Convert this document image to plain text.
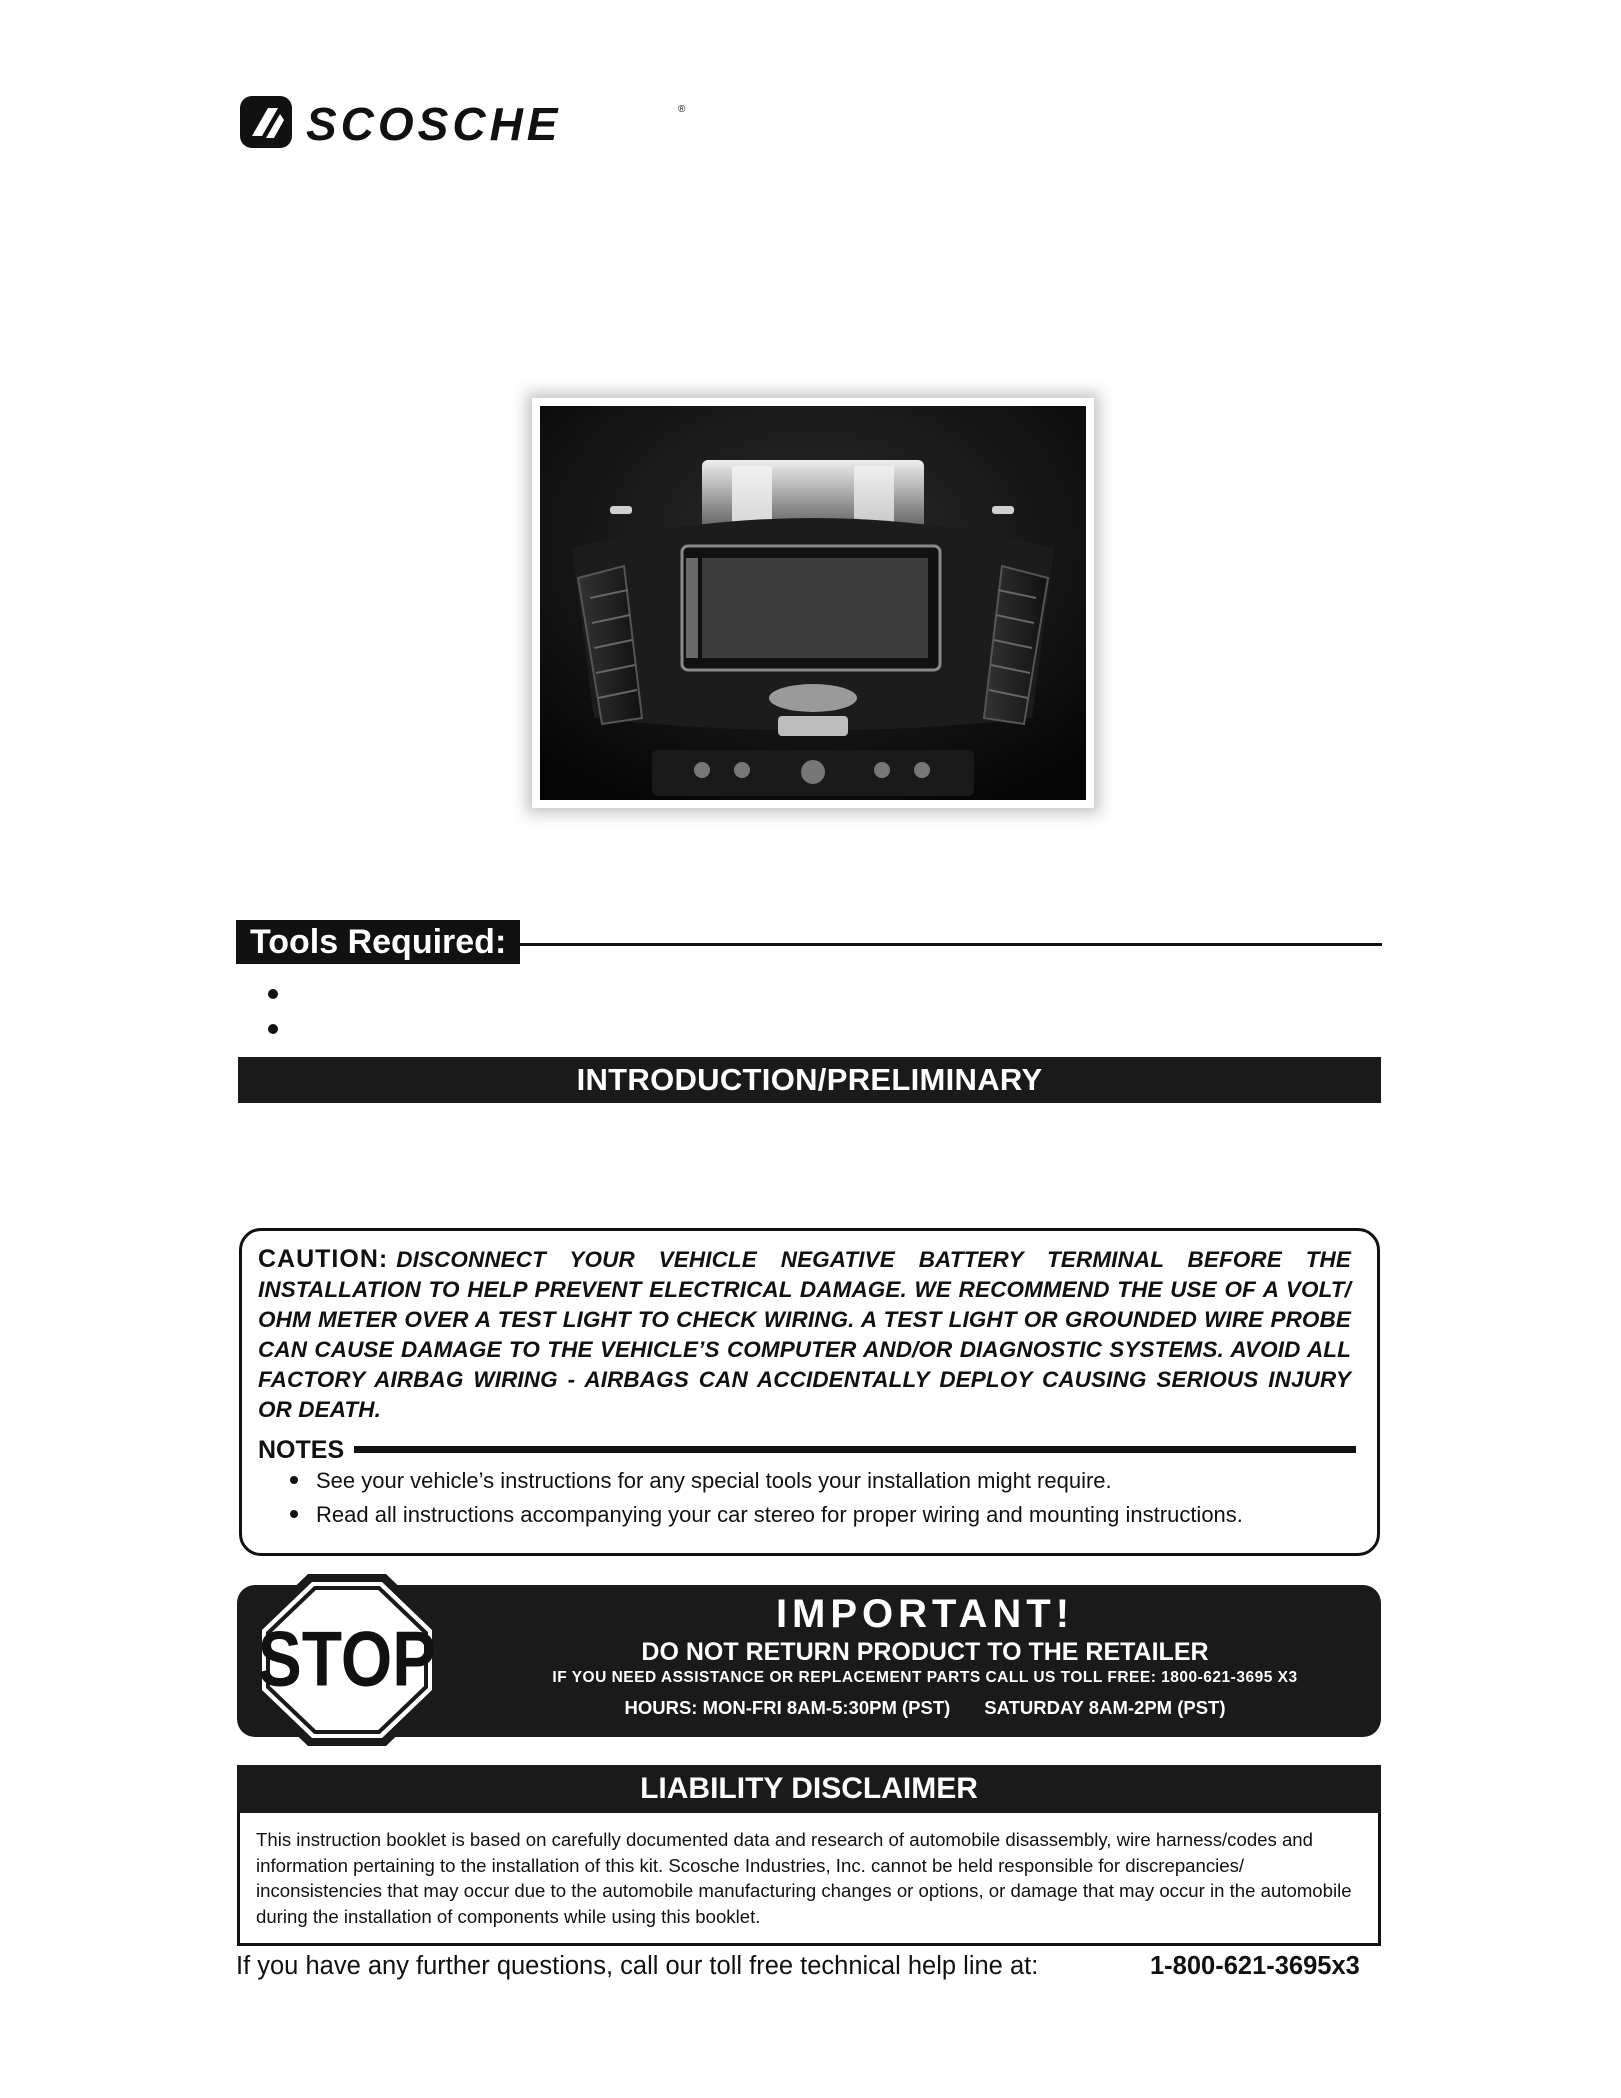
SCOSCHE	®
Tools Required:
INTRODUCTION/PRELIMINARY
CAUTION: DISCONNECT YOUR VEHICLE NEGATIVE BATTERY TERMINAL BEFORE THE INSTALLATION TO HELP PREVENT ELECTRICAL DAMAGE. WE RECOMMEND THE USE OF A VOLT/ OHM METER OVER A TEST LIGHT TO CHECK WIRING. A TEST LIGHT OR GROUNDED WIRE PROBE CAN CAUSE DAMAGE TO THE VEHICLE’S COMPUTER AND/OR DIAGNOSTIC SYSTEMS. AVOID ALL FACTORY AIRBAG WIRING - AIRBAGS CAN ACCIDENTALLY DEPLOY CAUSING SERIOUS INJURY OR DEATH.
NOTES
See your vehicle’s instructions for any special tools your installation might require.
Read all instructions accompanying your car stereo for proper wiring and mounting instructions.
STOP
IMPORTANT!
DO NOT RETURN PRODUCT TO THE RETAILER
IF YOU NEED ASSISTANCE OR REPLACEMENT PARTS CALL US TOLL FREE: 1800-621-3695 X3
HOURS: MON-FRI 8AM-5:30PM (PST) SATURDAY 8AM-2PM (PST)
LIABILITY DISCLAIMER
This instruction booklet is based on carefully documented data and research of automobile disassembly, wire harness/codes and information pertaining to the installation of this kit. Scosche Industries, Inc. cannot be held responsible for discrepancies/ inconsistencies that may occur due to the automobile manufacturing changes or options, or damage that may occur in the automobile during the installation of components while using this booklet.
If you have any further questions, call our toll free technical help line at:	1-800-621-3695x3
